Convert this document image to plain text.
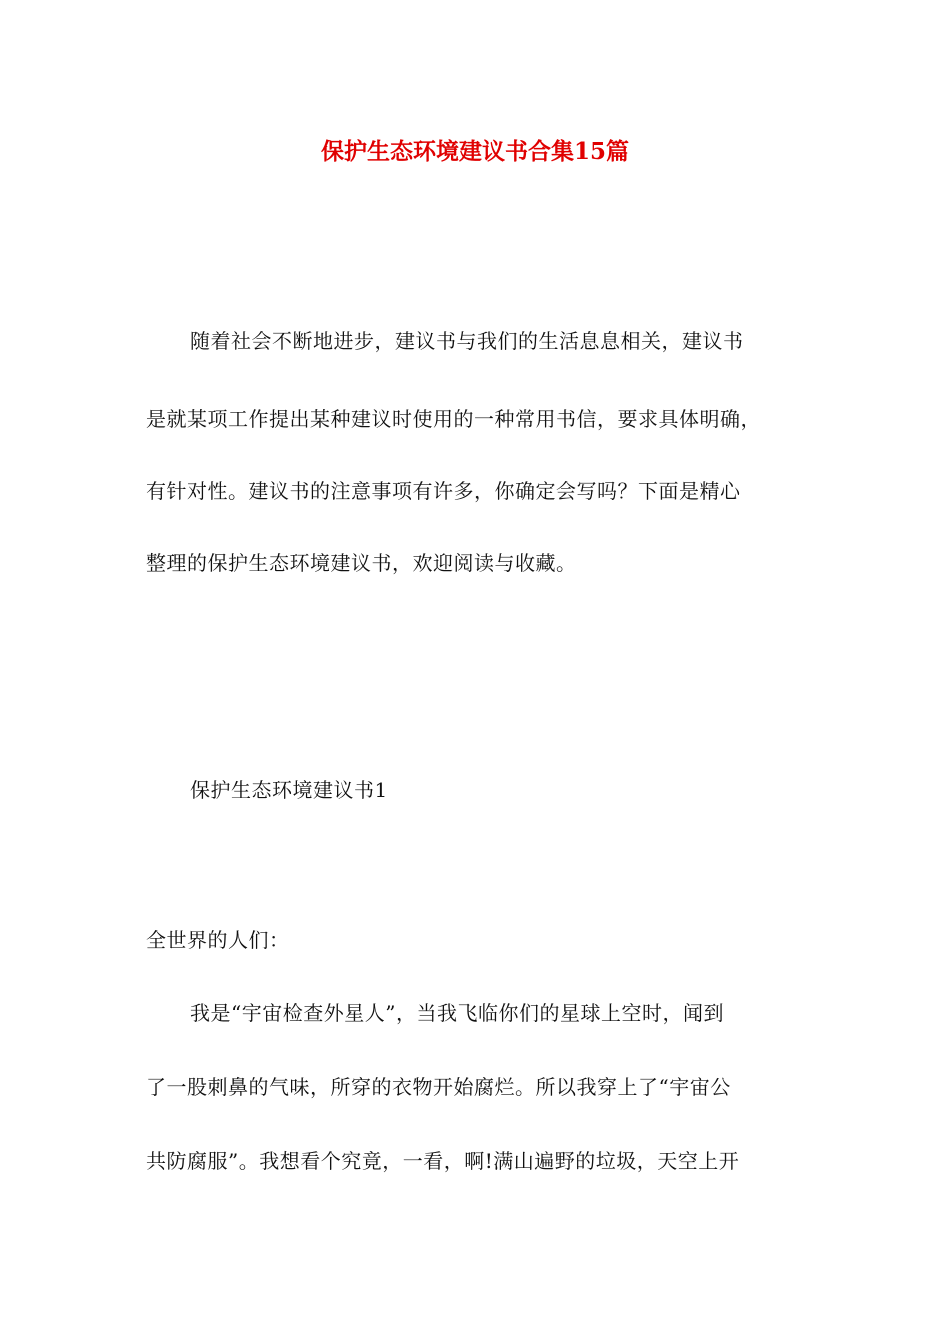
保护生态环境建议书合集15篇
随着社会不断地进步，建议书与我们的生活息息相关，建议书
是就某项工作提出某种建议时使用的一种常用书信，要求具体明确，
有针对性。建议书的注意事项有许多，你确定会写吗？下面是精心
整理的保护生态环境建议书，欢迎阅读与收藏。
保护生态环境建议书1
全世界的人们：
我是“宇宙检查外星人”，当我飞临你们的星球上空时，闻到
了一股刺鼻的气味，所穿的衣物开始腐烂。所以我穿上了“宇宙公
共防腐服”。我想看个究竟，一看，啊!满山遍野的垃圾，天空上开
